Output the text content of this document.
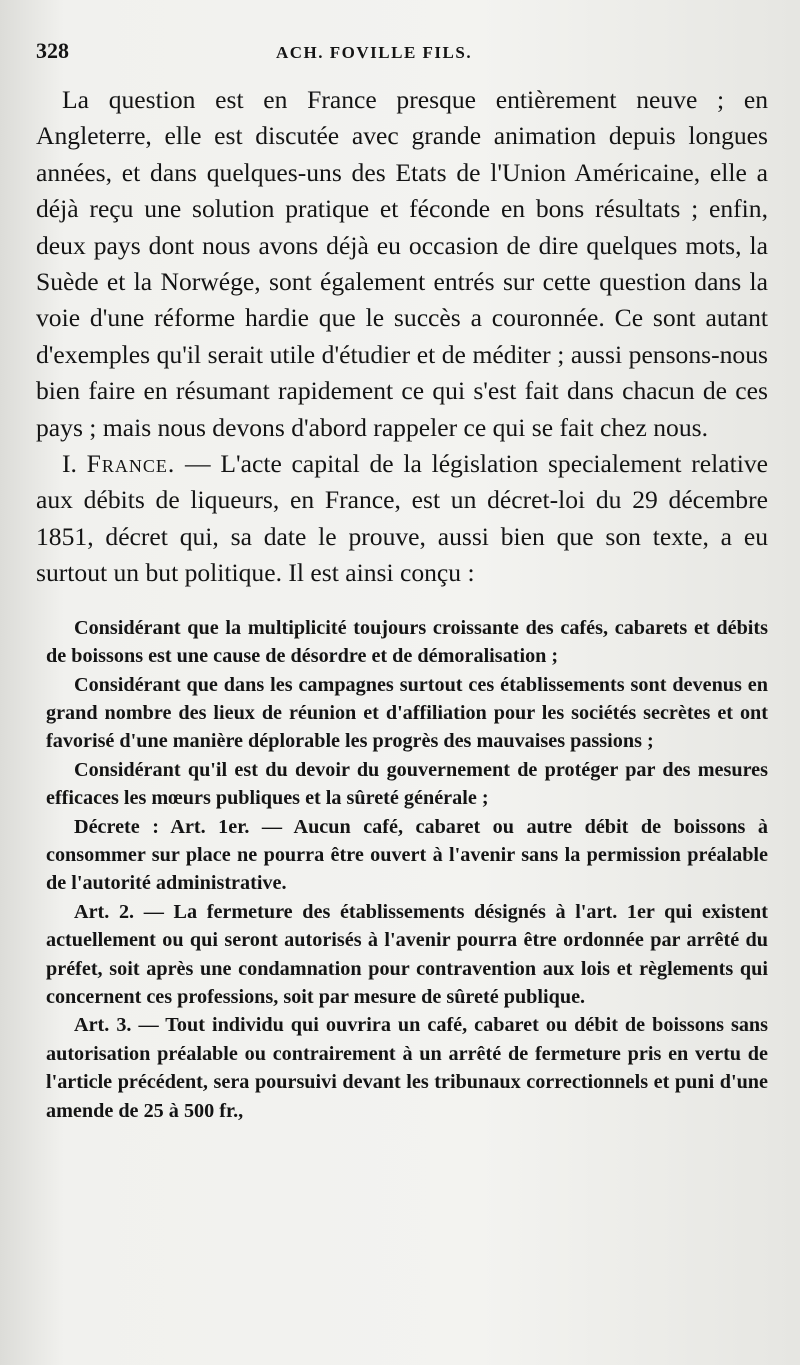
328	ACH. FOVILLE FILS.

La question est en France presque entièrement neuve ; en Angleterre, elle est discutée avec grande animation depuis longues années, et dans quelques-uns des Etats de l'Union Américaine, elle a déjà reçu une solution pratique et féconde en bons résultats ; enfin, deux pays dont nous avons déjà eu occasion de dire quelques mots, la Suède et la Norwége, sont également entrés sur cette question dans la voie d'une réforme hardie que le succès a couronnée. Ce sont autant d'exemples qu'il serait utile d'étudier et de méditer ; aussi pensons-nous bien faire en résumant rapidement ce qui s'est fait dans chacun de ces pays ; mais nous devons d'abord rappeler ce qui se fait chez nous.

I. France. — L'acte capital de la législation specialement relative aux débits de liqueurs, en France, est un décret-loi du 29 décembre 1851, décret qui, sa date le prouve, aussi bien que son texte, a eu surtout un but politique. Il est ainsi conçu :

Considérant que la multiplicité toujours croissante des cafés, cabarets et débits de boissons est une cause de désordre et de démoralisation ;

Considérant que dans les campagnes surtout ces établissements sont devenus en grand nombre des lieux de réunion et d'affiliation pour les sociétés secrètes et ont favorisé d'une manière déplorable les progrès des mauvaises passions ;

Considérant qu'il est du devoir du gouvernement de protéger par des mesures efficaces les mœurs publiques et la sûreté générale ;

Décrete : Art. 1er. — Aucun café, cabaret ou autre débit de boissons à consommer sur place ne pourra être ouvert à l'avenir sans la permission préalable de l'autorité administrative.

Art. 2. — La fermeture des établissements désignés à l'art. 1er qui existent actuellement ou qui seront autorisés à l'avenir pourra être ordonnée par arrêté du préfet, soit après une condamnation pour contravention aux lois et règlements qui concernent ces professions, soit par mesure de sûreté publique.

Art. 3. — Tout individu qui ouvrira un café, cabaret ou débit de boissons sans autorisation préalable ou contrairement à un arrêté de fermeture pris en vertu de l'article précédent, sera poursuivi devant les tribunaux correctionnels et puni d'une amende de 25 à 500 fr.,
